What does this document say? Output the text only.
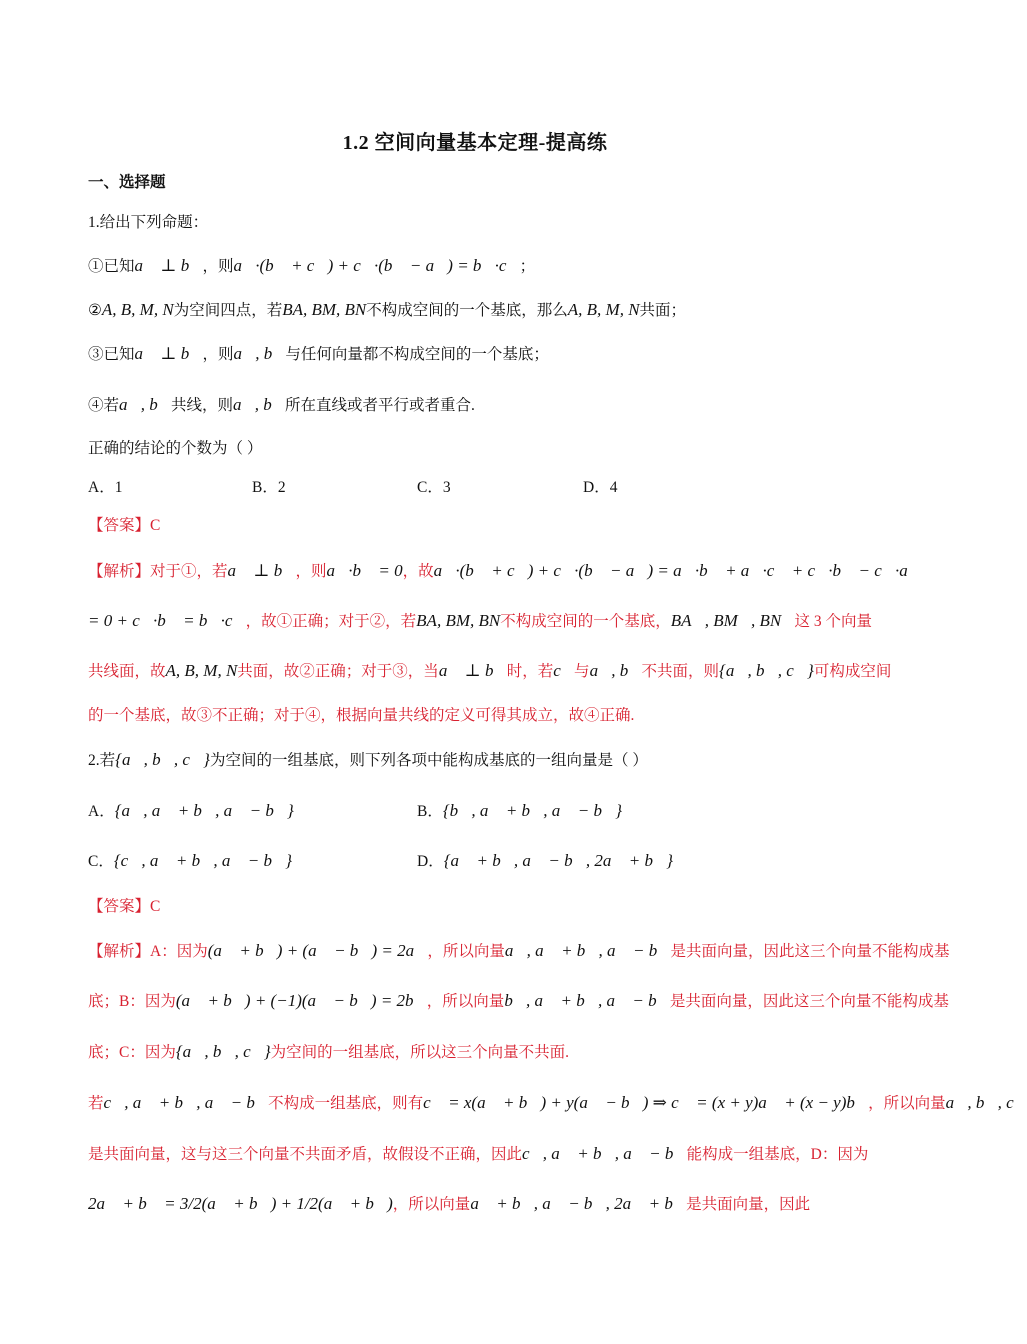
1.2 空间向量基本定理-提高练
一、选择题
1.给出下列命题：
①已知a⃗ ⊥ b⃗，则a⃗·(b⃗ + c⃗) + c⃗·(b⃗ − a⃗) = b⃗·c⃗；
②A, B, M, N为空间四点，若BA, BM, BN不构成空间的一个基底，那么A, B, M, N共面；
③已知a⃗ ⊥ b⃗，则a⃗, b⃗与任何向量都不构成空间的一个基底；
④若a⃗, b⃗共线，则a⃗, b⃗所在直线或者平行或者重合.
正确的结论的个数为（ ）
A．1	B．2	C．3	D．4
【答案】C
【解析】对于①，若a⃗ ⊥ b⃗，则a⃗·b⃗ = 0，故a⃗·(b⃗ + c⃗) + c⃗·(b⃗ − a⃗) = a⃗·b⃗ + a⃗·c⃗ + c⃗·b⃗ − c⃗·a⃗
= 0 + c⃗·b⃗ = b⃗·c⃗，故①正确；对于②，若BA, BM, BN不构成空间的一个基底，BA⃗, BM⃗, BN⃗这 3 个向量
共线面，故A, B, M, N共面，故②正确；对于③，当a⃗ ⊥ b⃗时，若c⃗与a⃗, b⃗不共面，则{a⃗, b⃗, c⃗}可构成空间
的一个基底，故③不正确；对于④，根据向量共线的定义可得其成立，故④正确.
2.若{a⃗, b⃗, c⃗}为空间的一组基底，则下列各项中能构成基底的一组向量是（ ）
A．{a⃗, a⃗ + b⃗, a⃗ − b⃗}	B．{b⃗, a⃗ + b⃗, a⃗ − b⃗}
C．{c⃗, a⃗ + b⃗, a⃗ − b⃗}	D．{a⃗ + b⃗, a⃗ − b⃗, 2a⃗ + b⃗}
【答案】C
【解析】A：因为(a⃗ + b⃗) + (a⃗ − b⃗) = 2a⃗，所以向量a⃗, a⃗ + b⃗, a⃗ − b⃗是共面向量，因此这三个向量不能构成基
底；B：因为(a⃗ + b⃗) + (−1)(a⃗ − b⃗) = 2b⃗，所以向量b⃗, a⃗ + b⃗, a⃗ − b⃗是共面向量，因此这三个向量不能构成基
底；C：因为{a⃗, b⃗, c⃗}为空间的一组基底，所以这三个向量不共面.
若c⃗, a⃗ + b⃗, a⃗ − b⃗不构成一组基底，则有c⃗ = x(a⃗ + b⃗) + y(a⃗ − b⃗) ⇒ c⃗ = (x + y)a⃗ + (x − y)b⃗，所以向量a⃗, b⃗, c⃗
是共面向量，这与这三个向量不共面矛盾，故假设不正确，因此c⃗, a⃗ + b⃗, a⃗ − b⃗能构成一组基底，D：因为
2a⃗ + b⃗ = 3/2(a⃗ + b⃗) + 1/2(a⃗ + b⃗)，所以向量a⃗ + b⃗, a⃗ − b⃗, 2a⃗ + b⃗是共面向量，因此
